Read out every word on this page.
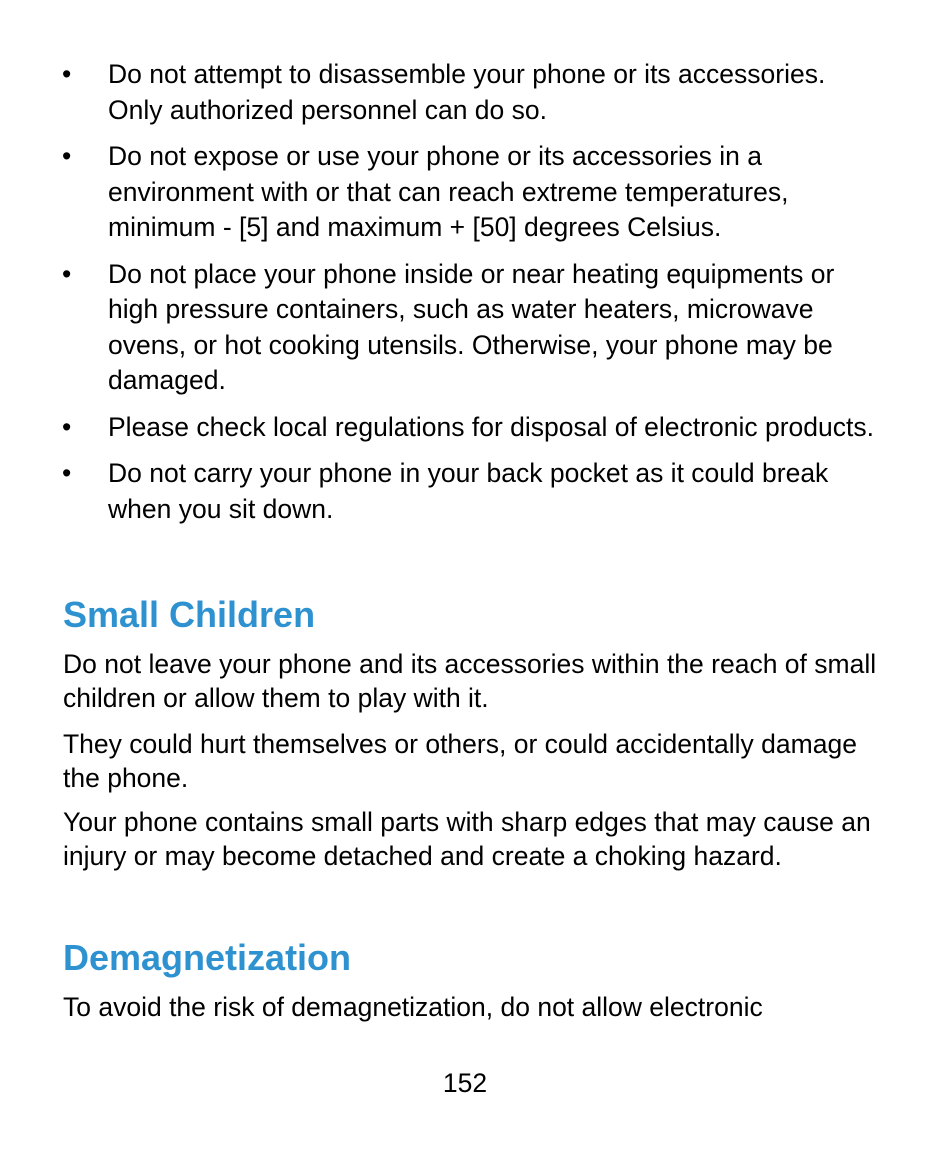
• Do not attempt to disassemble your phone or its accessories. Only authorized personnel can do so.
• Do not expose or use your phone or its accessories in a environment with or that can reach extreme temperatures, minimum - [5] and maximum + [50] degrees Celsius.
• Do not place your phone inside or near heating equipments or high pressure containers, such as water heaters, microwave ovens, or hot cooking utensils. Otherwise, your phone may be damaged.
• Please check local regulations for disposal of electronic products.
• Do not carry your phone in your back pocket as it could break when you sit down.
Small Children

Do not leave your phone and its accessories within the reach of small children or allow them to play with it.

They could hurt themselves or others, or could accidentally damage the phone.

Your phone contains small parts with sharp edges that may cause an injury or may become detached and create a choking hazard.

Demagnetization

To avoid the risk of demagnetization, do not allow electronic

152
